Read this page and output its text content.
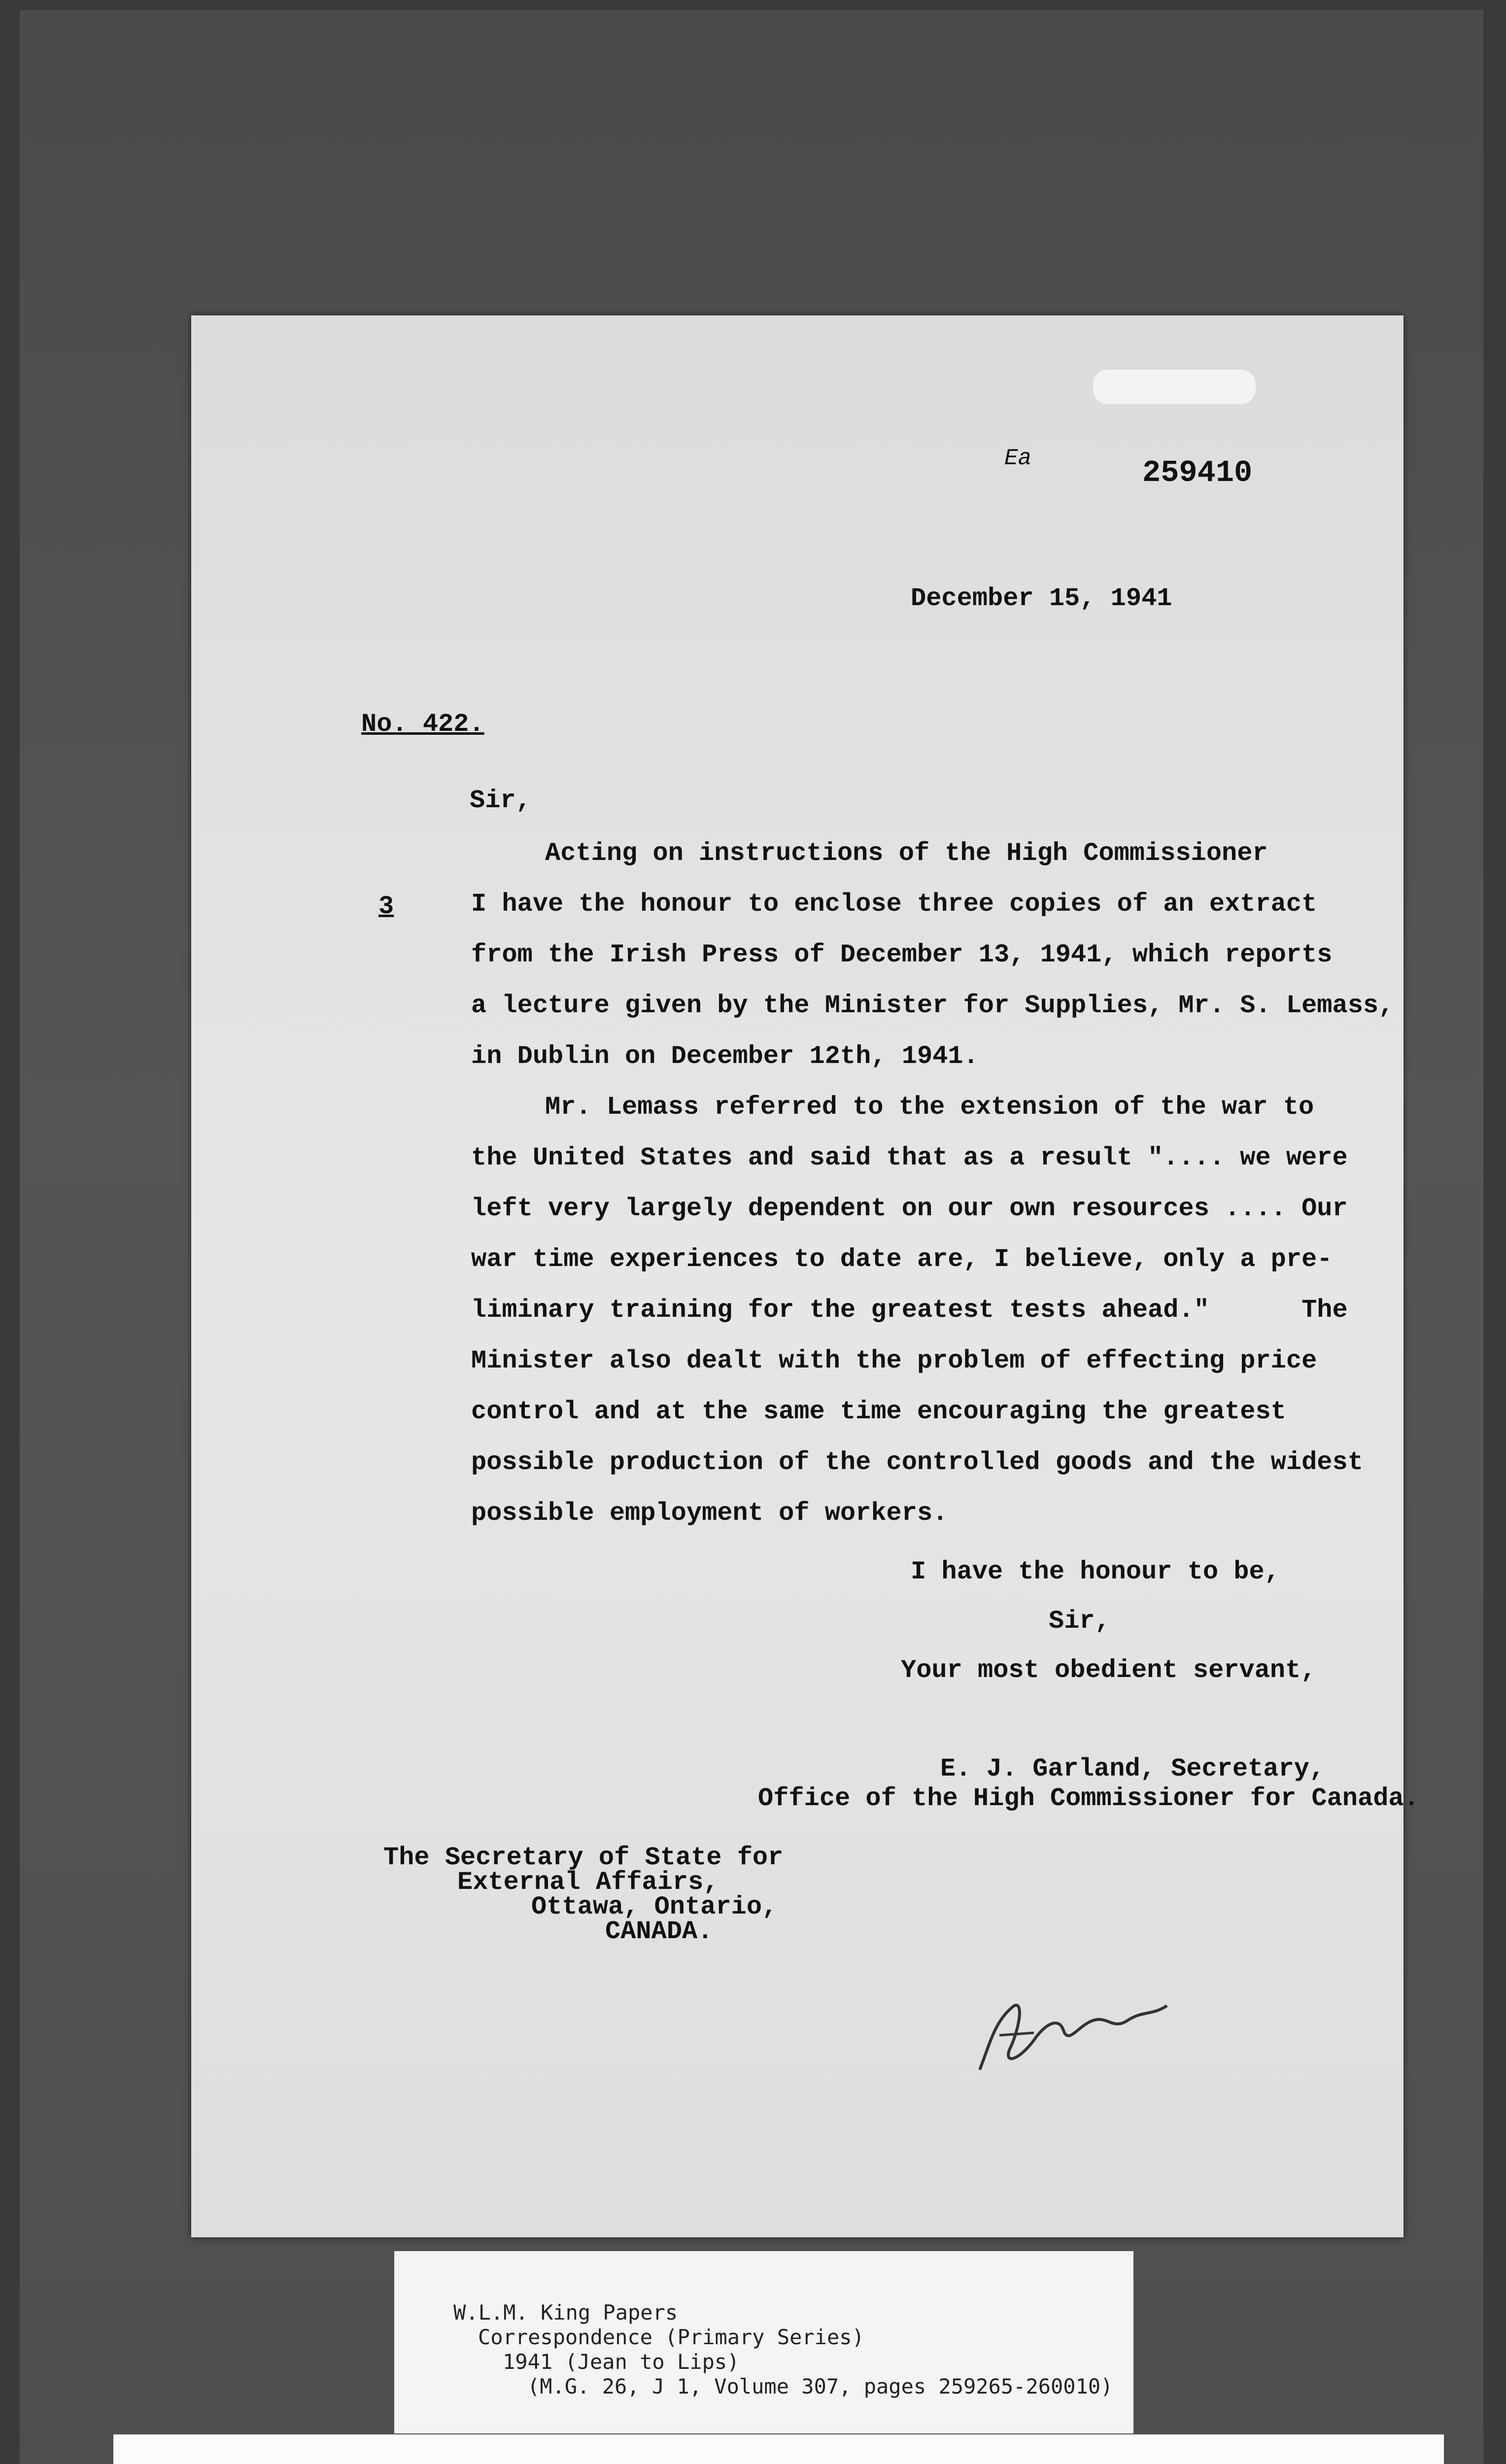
Ea	259410
December 15, 1941
No. 422.
Sir,
3
Acting on instructions of the High Commissioner
I have the honour to enclose three copies of an extract
from the Irish Press of December 13, 1941, which reports
a lecture given by the Minister for Supplies, Mr. S. Lemass,
in Dublin on December 12th, 1941.
Mr. Lemass referred to the extension of the war to
the United States and said that as a result ".... we were
left very largely dependent on our own resources .... Our
war time experiences to date are, I believe, only a pre-
liminary training for the greatest tests ahead."      The
Minister also dealt with the problem of effecting price
control and at the same time encouraging the greatest
possible production of the controlled goods and the widest
possible employment of workers.
I have the honour to be,
Sir,
Your most obedient servant,
E. J. Garland, Secretary,
Office of the High Commissioner for Canada.
The Secretary of State for
External Affairs,
Ottawa, Ontario,
CANADA.
W.L.M. King Papers
Correspondence (Primary Series)
1941 (Jean to Lips)
(M.G. 26, J 1, Volume 307, pages 259265-260010)
